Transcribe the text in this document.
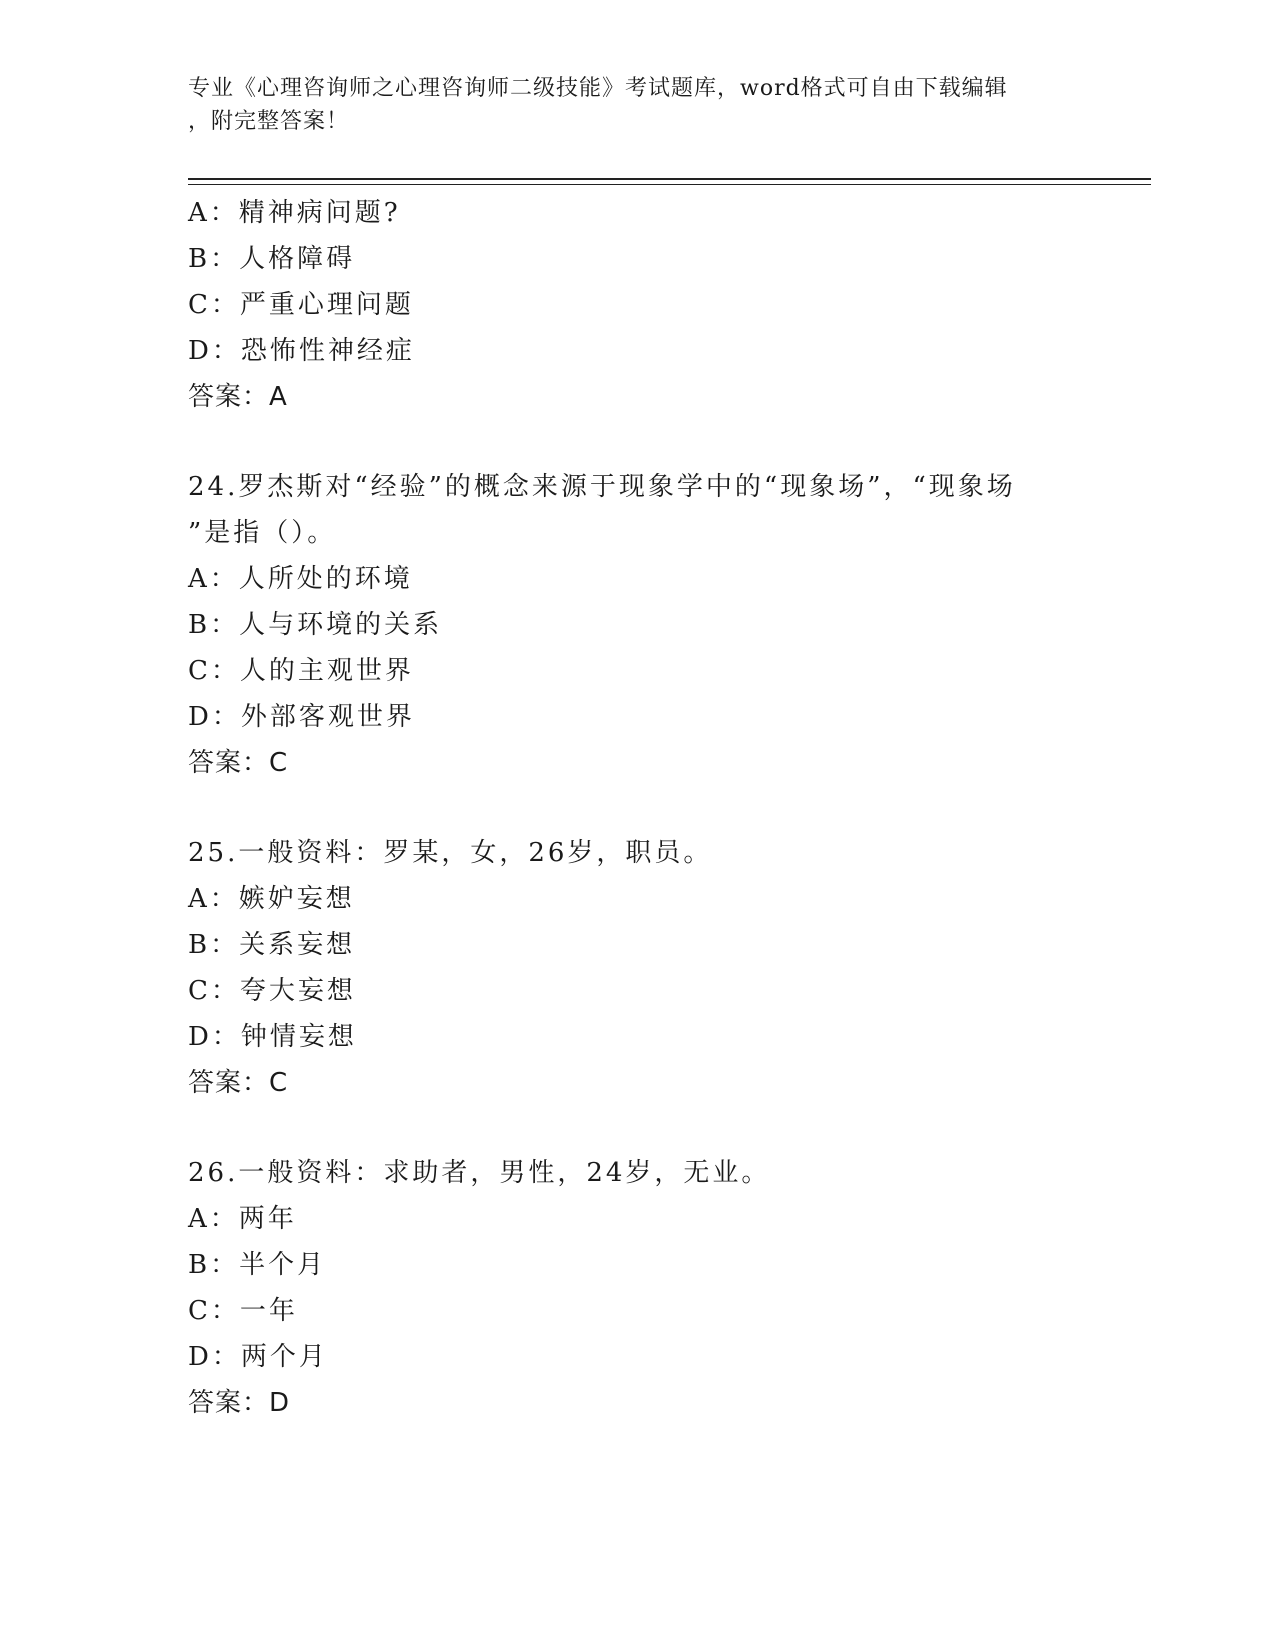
专业《心理咨询师之心理咨询师二级技能》考试题库，word格式可自由下载编辑
，附完整答案！
A：精神病问题?
B：人格障碍
C：严重心理问题
D：恐怖性神经症
答案：A
24.罗杰斯对“经验”的概念来源于现象学中的“现象场”，“现象场
”是指（）。
A：人所处的环境
B：人与环境的关系
C：人的主观世界
D：外部客观世界
答案：C
25.一般资料：罗某，女，26岁，职员。
A：嫉妒妄想
B：关系妄想
C：夸大妄想
D：钟情妄想
答案：C
26.一般资料：求助者，男性，24岁，无业。
A：两年
B：半个月
C：一年
D：两个月
答案：D
